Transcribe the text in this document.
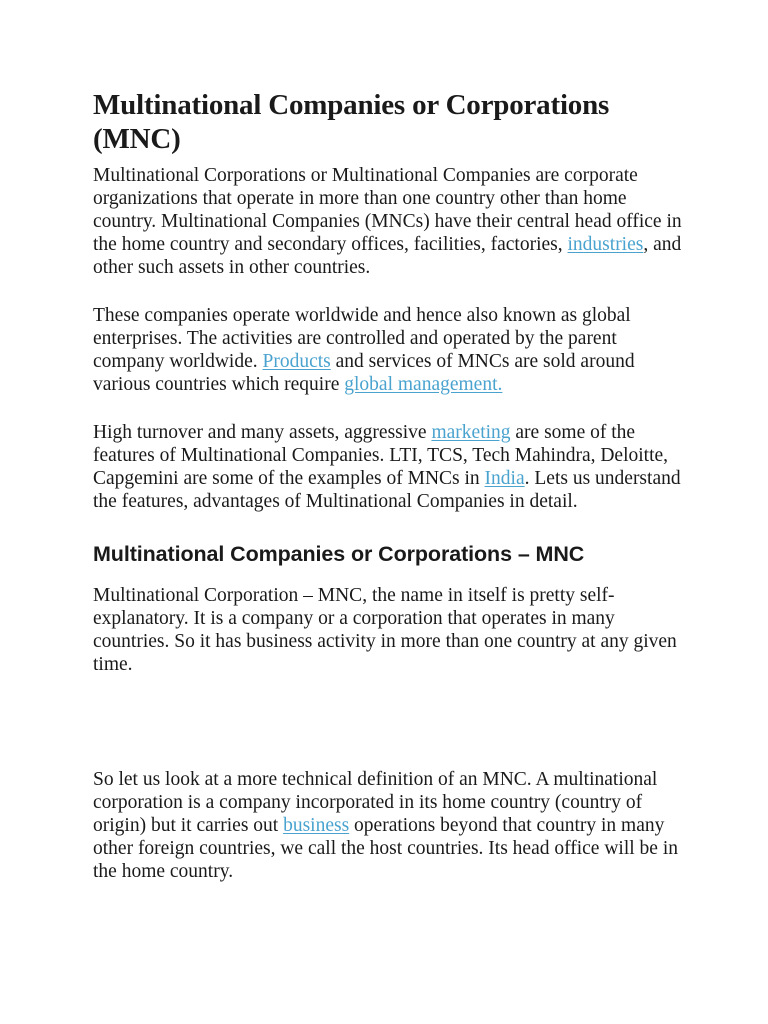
Multinational Companies or Corporations (MNC)

Multinational Corporations or Multinational Companies are corporate organizations that operate in more than one country other than home country. Multinational Companies (MNCs) have their central head office in the home country and secondary offices, facilities, factories, industries, and other such assets in other countries.

These companies operate worldwide and hence also known as global enterprises. The activities are controlled and operated by the parent company worldwide. Products and services of MNCs are sold around various countries which require global management.

High turnover and many assets, aggressive marketing are some of the features of Multinational Companies. LTI, TCS, Tech Mahindra, Deloitte, Capgemini are some of the examples of MNCs in India. Lets us understand the features, advantages of Multinational Companies in detail.

Multinational Companies or Corporations – MNC

Multinational Corporation – MNC, the name in itself is pretty self-explanatory. It is a company or a corporation that operates in many countries. So it has business activity in more than one country at any given time.

So let us look at a more technical definition of an MNC. A multinational corporation is a company incorporated in its home country (country of origin) but it carries out business operations beyond that country in many other foreign countries, we call the host countries. Its head office will be in the home country.
